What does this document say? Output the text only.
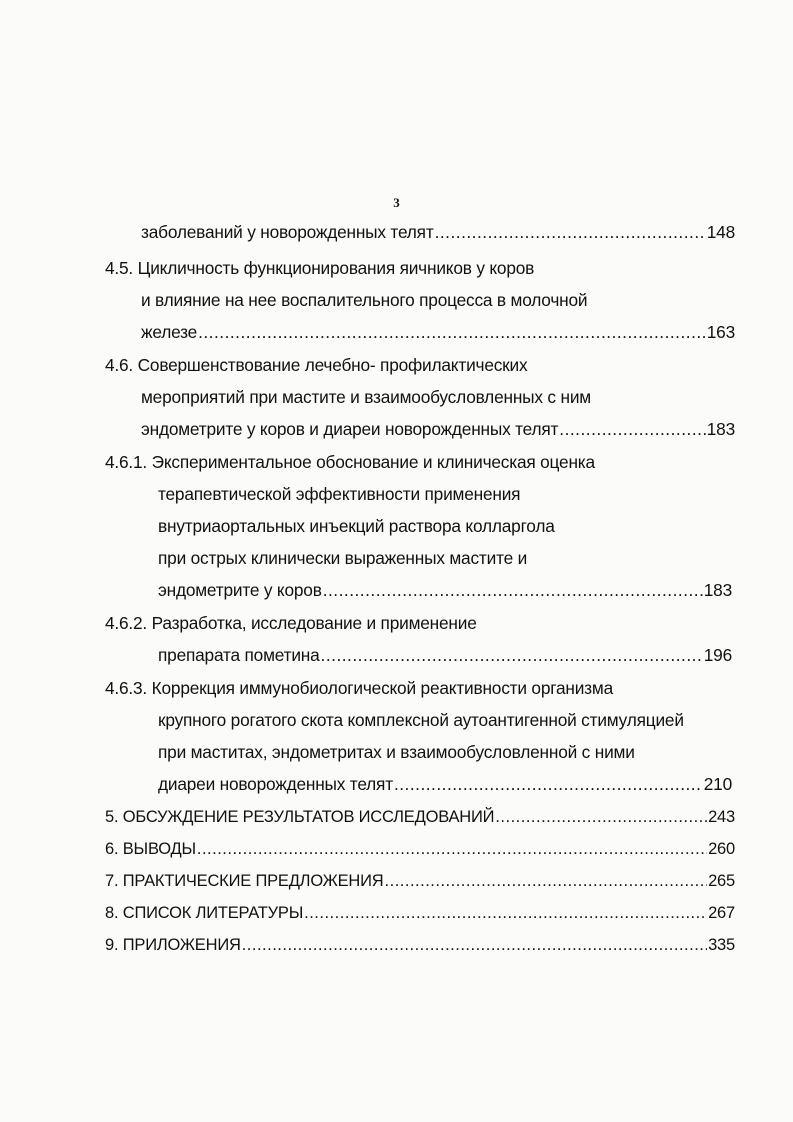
3
заболеваний у новорожденных телят .....	148
4.5. Цикличность функционирования яичников у коров
и влияние на нее воспалительного процесса в молочной
железе .....	163
4.6. Совершенствование лечебно- профилактических
мероприятий при мастите и взаимообусловленных с ним
эндометрите у коров и диареи новорожденных телят .....	183
4.6.1. Экспериментальное обоснование и клиническая оценка
терапевтической эффективности применения
внутриаортальных инъекций раствора колларгола
при острых клинически выраженных мастите и
эндометрите у коров .....	183
4.6.2. Разработка, исследование и применение
препарата пометина .....	196
4.6.3. Коррекция иммунобиологической реактивности организма
крупного рогатого скота комплексной аутоантигенной стимуляцией
при маститах, эндометритах и взаимообусловленной с ними
диареи новорожденных телят .....	210
5. ОБСУЖДЕНИЕ РЕЗУЛЬТАТОВ ИССЛЕДОВАНИЙ .....	243
6. ВЫВОДЫ .....	260
7. ПРАКТИЧЕСКИЕ ПРЕДЛОЖЕНИЯ .....	265
8. СПИСОК ЛИТЕРАТУРЫ .....	267
9. ПРИЛОЖЕНИЯ .....	335
